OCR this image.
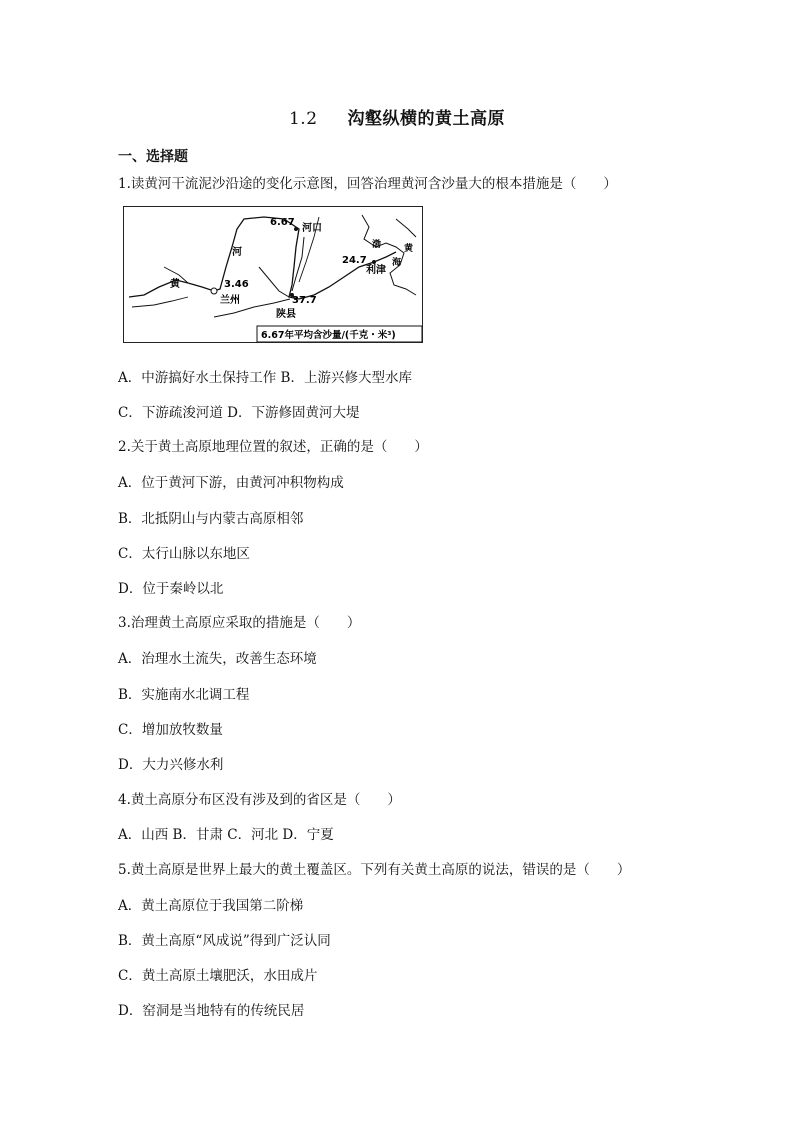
1.2 沟壑纵横的黄土高原
一、选择题
1.读黄河干流泥沙沿途的变化示意图，回答治理黄河含沙量大的根本措施是（　　）
6.67
河口
3.46
兰州	37.7
陕县
24.7
利津
黄
河
渤
海
黄
6.67年平均含沙量/(千克・米³)
A．中游搞好水土保持工作 B．上游兴修大型水库
C．下游疏浚河道 D．下游修固黄河大堤
2.关于黄土高原地理位置的叙述，正确的是（　　）
A．位于黄河下游，由黄河冲积物构成
B．北抵阴山与内蒙古高原相邻
C．太行山脉以东地区
D．位于秦岭以北
3.治理黄土高原应采取的措施是（　　）
A．治理水土流失，改善生态环境
B．实施南水北调工程
C．增加放牧数量
D．大力兴修水利
4.黄土高原分布区没有涉及到的省区是（　　）
A．山西 B．甘肃 C．河北 D．宁夏
5.黄土高原是世界上最大的黄土覆盖区。下列有关黄土高原的说法，错误的是（　　）
A．黄土高原位于我国第二阶梯
B．黄土高原“风成说”得到广泛认同
C．黄土高原土壤肥沃，水田成片
D．窑洞是当地特有的传统民居
